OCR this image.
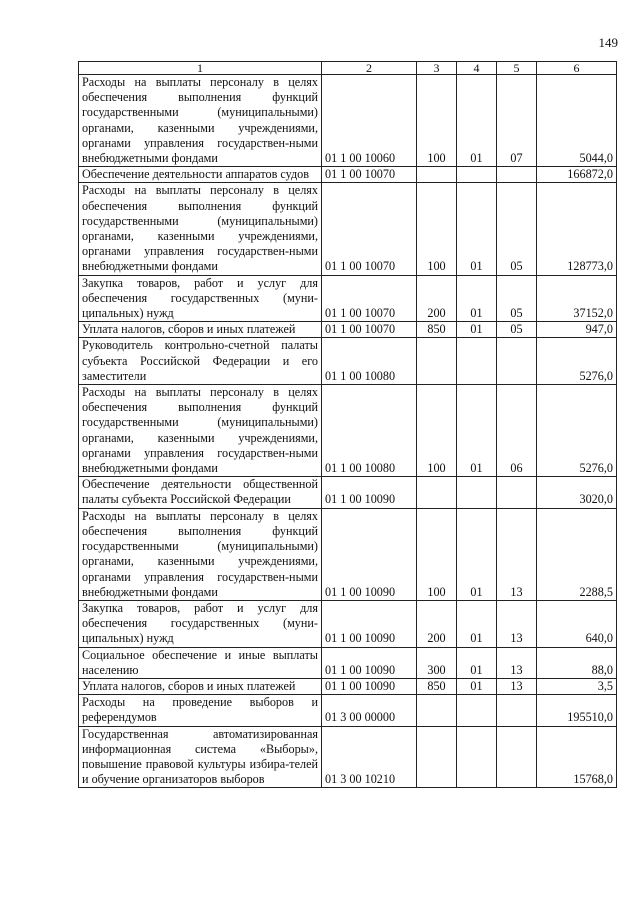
149
1	2	3	4	5	6
Расходы на выплаты персоналу в целях обеспечения выполнения функций государственными (муниципальными) органами, казенными учреждениями, органами управления государствен-ными внебюджетными фондами	01 1 00 10060	100	01	07	5044,0
Обеспечение деятельности аппаратов судов	01 1 00 10070				166872,0
Расходы на выплаты персоналу в целях обеспечения выполнения функций государственными (муниципальными) органами, казенными учреждениями, органами управления государствен-ными внебюджетными фондами	01 1 00 10070	100	01	05	128773,0
Закупка товаров, работ и услуг для обеспечения государственных (муни-ципальных) нужд	01 1 00 10070	200	01	05	37152,0
Уплата налогов, сборов и иных платежей	01 1 00 10070	850	01	05	947,0
Руководитель контрольно-счетной палаты субъекта Российской Федерации и его заместители	01 1 00 10080				5276,0
Расходы на выплаты персоналу в целях обеспечения выполнения функций государственными (муниципальными) органами, казенными учреждениями, органами управления государствен-ными внебюджетными фондами	01 1 00 10080	100	01	06	5276,0
Обеспечение деятельности общественной палаты субъекта Российской Федерации	01 1 00 10090				3020,0
Расходы на выплаты персоналу в целях обеспечения выполнения функций государственными (муниципальными) органами, казенными учреждениями, органами управления государствен-ными внебюджетными фондами	01 1 00 10090	100	01	13	2288,5
Закупка товаров, работ и услуг для обеспечения государственных (муни-ципальных) нужд	01 1 00 10090	200	01	13	640,0
Социальное обеспечение и иные выплаты населению	01 1 00 10090	300	01	13	88,0
Уплата налогов, сборов и иных платежей	01 1 00 10090	850	01	13	3,5
Расходы на проведение выборов и референдумов	01 3 00 00000				195510,0
Государственная автоматизированная информационная система «Выборы», повышение правовой культуры избира-телей и обучение организаторов выборов	01 3 00 10210				15768,0
